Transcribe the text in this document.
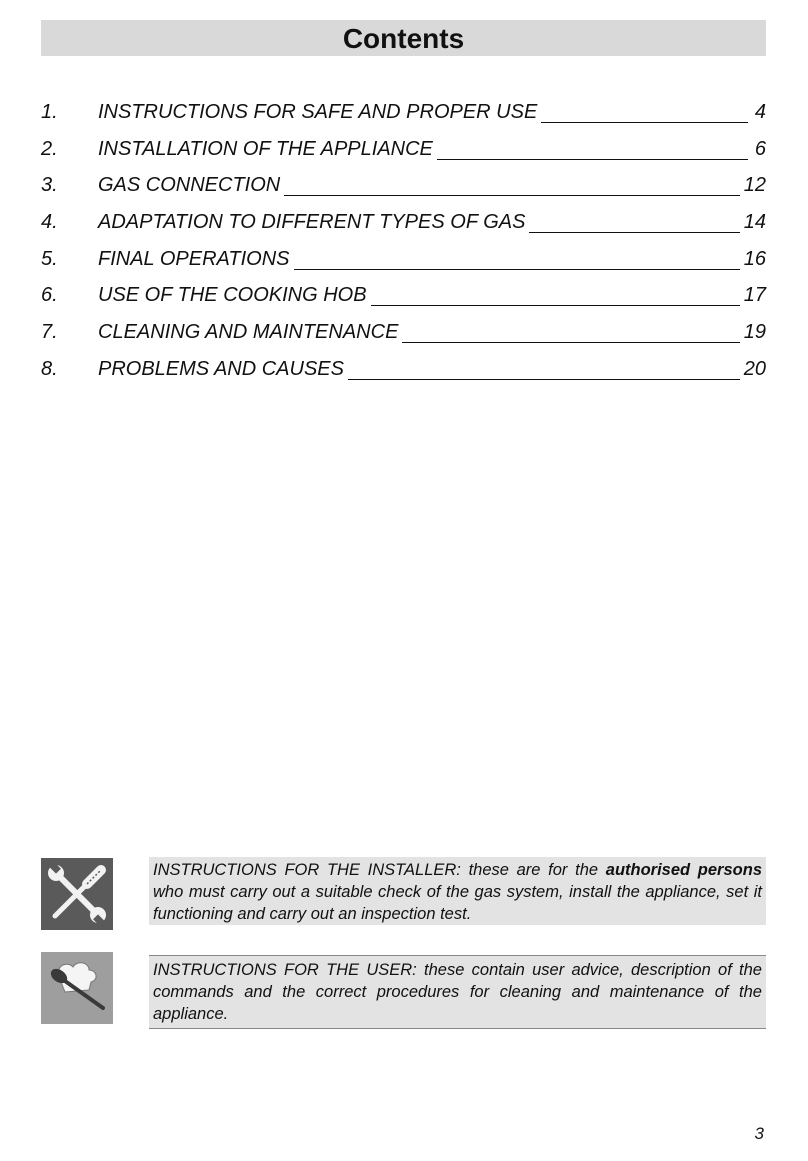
Contents
1.	INSTRUCTIONS FOR SAFE AND PROPER USE	4
2.	INSTALLATION OF THE APPLIANCE	6
3.	GAS CONNECTION	12
4.	ADAPTATION TO DIFFERENT TYPES OF GAS	14
5.	FINAL OPERATIONS	16
6.	USE OF THE COOKING HOB	17
7.	CLEANING AND MAINTENANCE	19
8.	PROBLEMS AND CAUSES	20
INSTRUCTIONS FOR THE INSTALLER: these are for the authorised persons who must carry out a suitable check of the gas system, install the appliance, set it functioning and carry out an inspection test.
INSTRUCTIONS FOR THE USER: these contain user advice, description of the commands and the correct procedures for cleaning and maintenance of the appliance.
3
